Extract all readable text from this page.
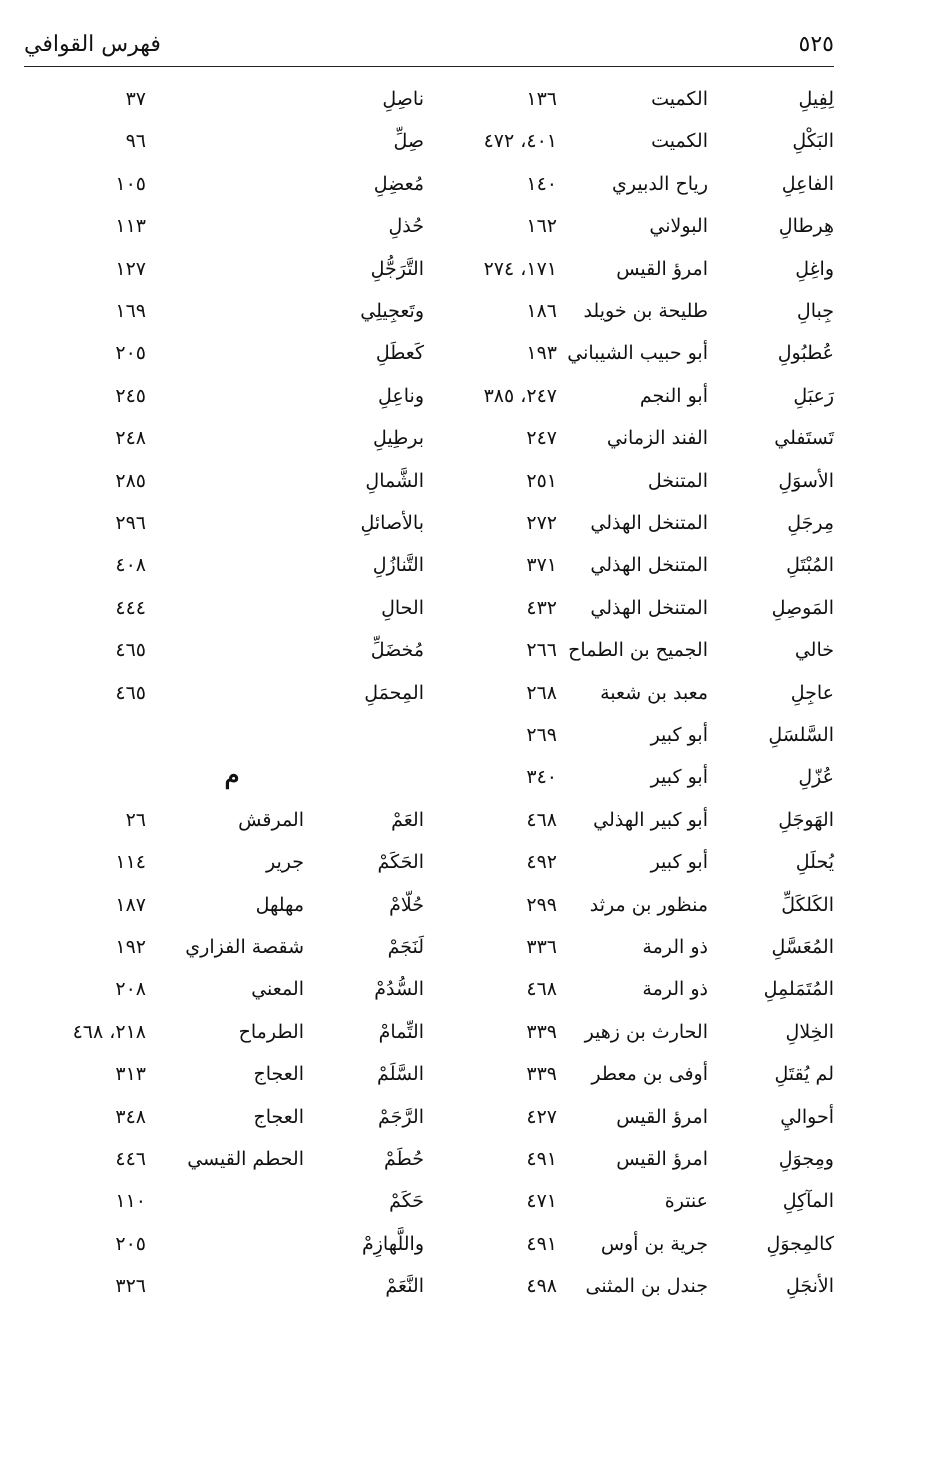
٥٢٥
فهرس القوافي
لِفِيلِ
الكميت
١٣٦
البَكْلِ
الكميت
٤٠١، ٤٧٢
الفاعِلِ
رياح الدبيري
١٤٠
هِرطالِ
البولاني
١٦٢
واغِلِ
امرؤ القيس
١٧١، ٢٧٤
جِبالِ
طليحة بن خويلد
١٨٦
عُطبُولِ
أبو حبيب الشيباني
١٩٣
رَعبَلِ
أبو النجم
٢٤٧، ٣٨٥
تَستَفلي
الفند الزماني
٢٤٧
الأسوَلِ
المتنخل
٢٥١
مِرجَلِ
المتنخل الهذلي
٢٧٢
المُبْتَلِ
المتنخل الهذلي
٣٧١
المَوصِلِ
المتنخل الهذلي
٤٣٢
خالي
الجميح بن الطماح
٢٦٦
عاجِلِ
معبد بن شعبة
٢٦٨
السَّلسَلِ
أبو كبير
٢٦٩
عُزّلِ
أبو كبير
٣٤٠
الهَوجَلِ
أبو كبير الهذلي
٤٦٨
يُحلَلِ
أبو كبير
٤٩٢
الكَلكَلِّ
منظور بن مرثد
٢٩٩
المُعَسَّلِ
ذو الرمة
٣٣٦
المُتَمَلمِلِ
ذو الرمة
٤٦٨
الخِلالِ
الحارث بن زهير
٣٣٩
لم يُقتَلِ
أوفى بن معطر
٣٣٩
أحواليِ
امرؤ القيس
٤٢٧
ومِجوَلِ
امرؤ القيس
٤٩١
المآكِلِ
عنترة
٤٧١
كالمِجوَلِ
جرية بن أوس
٤٩١
الأنجَلِ
جندل بن المثنى
٤٩٨
ناصِلِ
٣٧
صِلِّ
٩٦
مُعضِلِ
١٠٥
حُذلِ
١١٣
التَّرَجُّلِ
١٢٧
وتَعجِيلِي
١٦٩
كَعطَلِ
٢٠٥
وناعِلِ
٢٤٥
برطِيلِ
٢٤٨
الشَّمالِ
٢٨٥
بالأصائلِ
٢٩٦
التَّنازُلِ
٤٠٨
الحالِ
٤٤٤
مُخضَلِّ
٤٦٥
المِحمَلِ
٤٦٥
العَمْ
المرقش
٢٦
الحَكَمْ
جرير
١١٤
حُلّامْ
مهلهل
١٨٧
لَنَجَمْ
شقصة الفزاري
١٩٢
السُّدُمْ
المعني
٢٠٨
التِّمامْ
الطرماح
٢١٨، ٤٦٨
السَّلَمْ
العجاج
٣١٣
الرَّجَمْ
العجاج
٣٤٨
حُطَمْ
الحطم القيسي
٤٤٦
حَكَمْ
١١٠
واللَّهازِمْ
٢٠٥
النَّعَمْ
٣٢٦
م
